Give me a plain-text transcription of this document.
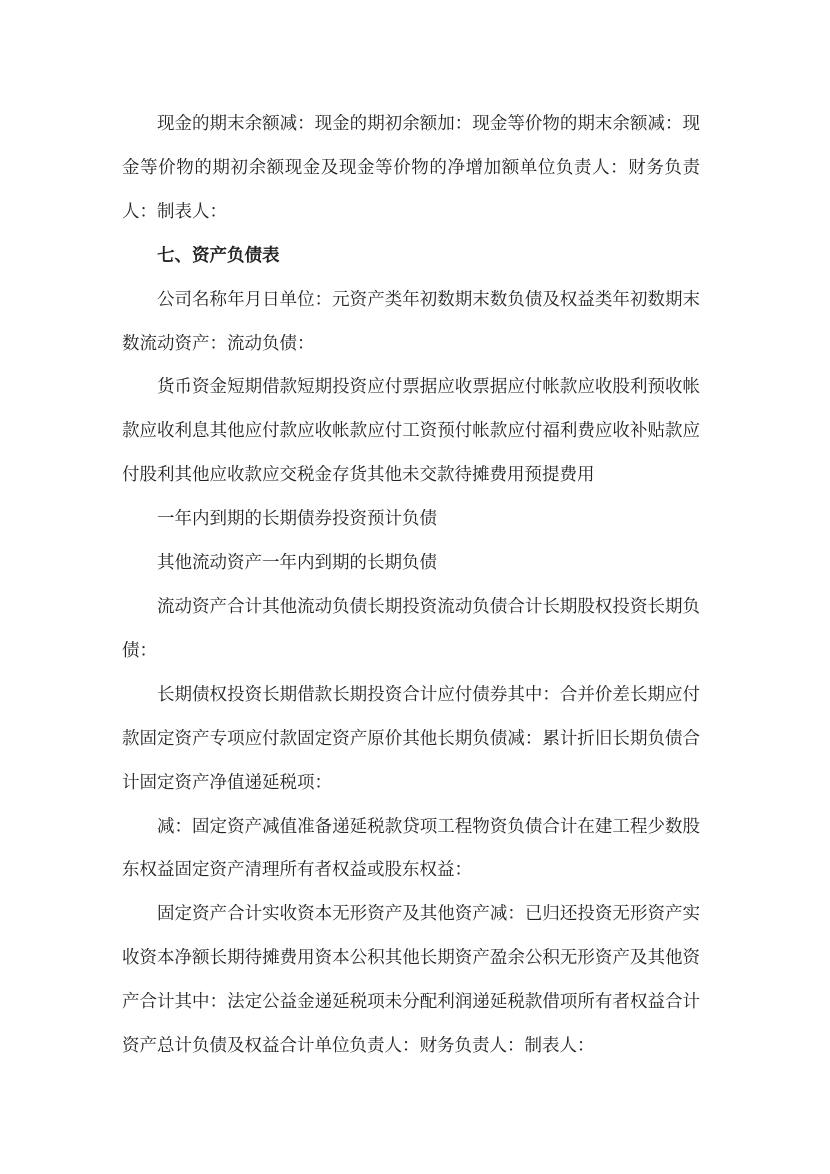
现金的期末余额减：现金的期初余额加：现金等价物的期末余额减：现金等价物的期初余额现金及现金等价物的净增加额单位负责人：财务负责人：制表人：

七、资产负债表

公司名称年月日单位：元资产类年初数期末数负债及权益类年初数期末数流动资产：流动负债：

货币资金短期借款短期投资应付票据应收票据应付帐款应收股利预收帐款应收利息其他应付款应收帐款应付工资预付帐款应付福利费应收补贴款应付股利其他应收款应交税金存货其他未交款待摊费用预提费用

一年内到期的长期债券投资预计负债

其他流动资产一年内到期的长期负债

流动资产合计其他流动负债长期投资流动负债合计长期股权投资长期负债：

长期债权投资长期借款长期投资合计应付债券其中：合并价差长期应付款固定资产专项应付款固定资产原价其他长期负债减：累计折旧长期负债合计固定资产净值递延税项：

减：固定资产减值准备递延税款贷项工程物资负债合计在建工程少数股东权益固定资产清理所有者权益或股东权益：

固定资产合计实收资本无形资产及其他资产减：已归还投资无形资产实收资本净额长期待摊费用资本公积其他长期资产盈余公积无形资产及其他资产合计其中：法定公益金递延税项未分配利润递延税款借项所有者权益合计资产总计负债及权益合计单位负责人：财务负责人：制表人：
